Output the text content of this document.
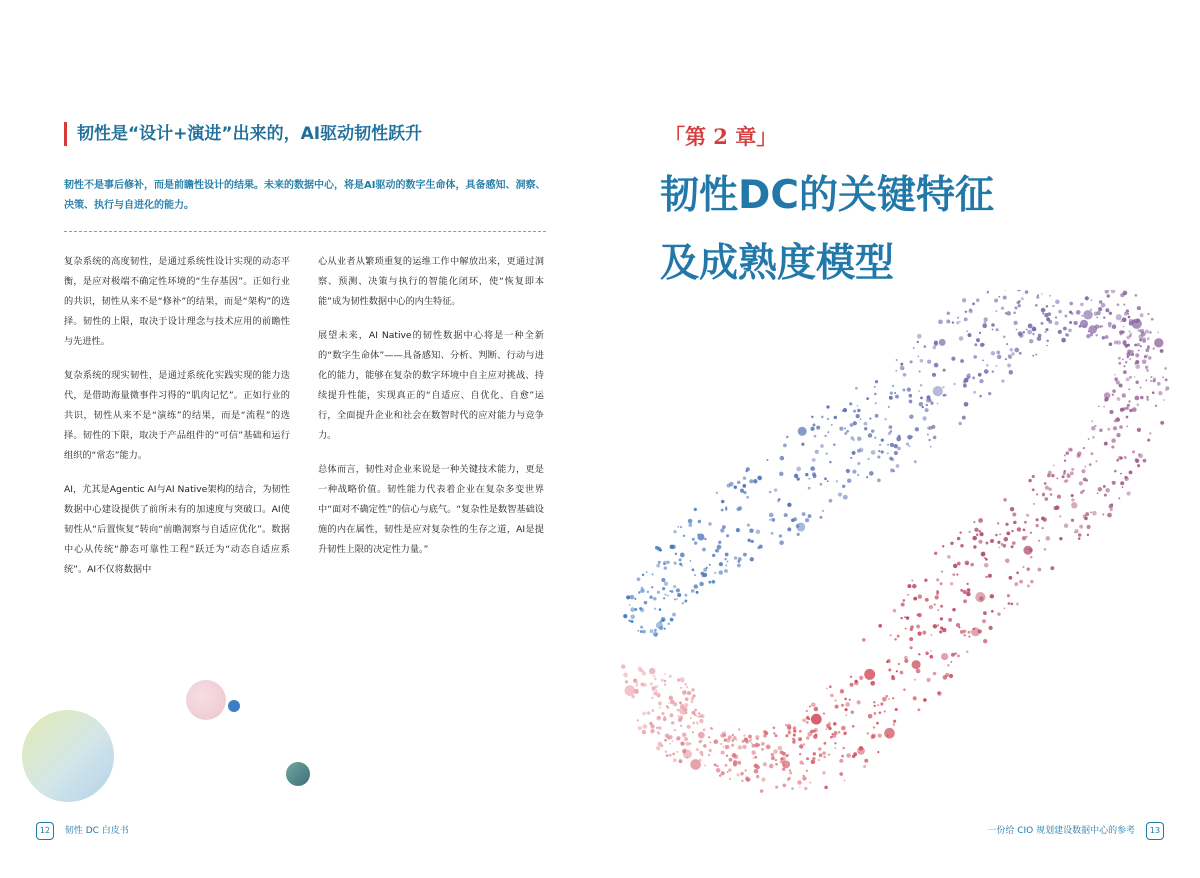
韧性是“设计+演进”出来的，AI驱动韧性跃升
韧性不是事后修补，而是前瞻性设计的结果。未来的数据中心，将是AI驱动的数字生命体，具备感知、洞察、决策、执行与自进化的能力。

复杂系统的高度韧性，是通过系统性设计实现的动态平衡，是应对极端不确定性环境的“生存基因”。正如行业的共识，韧性从来不是“修补”的结果，而是“架构”的选择。韧性的上限，取决于设计理念与技术应用的前瞻性与先进性。

复杂系统的现实韧性，是通过系统化实践实现的能力迭代，是借助海量微事件习得的“肌肉记忆”。正如行业的共识，韧性从来不是“演练”的结果，而是“流程”的选择。韧性的下限，取决于产品组件的“可信”基础和运行组织的“常态”能力。

AI，尤其是Agentic AI与AI Native架构的结合，为韧性数据中心建设提供了前所未有的加速度与突破口。AI使韧性从“后置恢复”转向“前瞻洞察与自适应优化”。数据中心从传统“静态可靠性工程”跃迁为“动态自适应系统”。AI不仅将数据中

心从业者从繁琐重复的运维工作中解放出来，更通过洞察、预测、决策与执行的智能化闭环，使“恢复即本能”成为韧性数据中心的内生特征。

展望未来，AI Native的韧性数据中心将是一种全新的“数字生命体”——具备感知、分析、判断、行动与进化的能力，能够在复杂的数字环境中自主应对挑战、持续提升性能，实现真正的“自适应、自优化、自愈”运行，全面提升企业和社会在数智时代的应对能力与竞争力。

总体而言，韧性对企业来说是一种关键技术能力，更是一种战略价值。韧性能力代表着企业在复杂多变世界中“面对不确定性”的信心与底气。“复杂性是数智基础设施的内在属性，韧性是应对复杂性的生存之道，AI是提升韧性上限的决定性力量。”

12 韧性 DC 白皮书
「第 2 章」
韧性DC的关键特征
及成熟度模型
一份给 CIO 规划建设数据中心的参考 13
